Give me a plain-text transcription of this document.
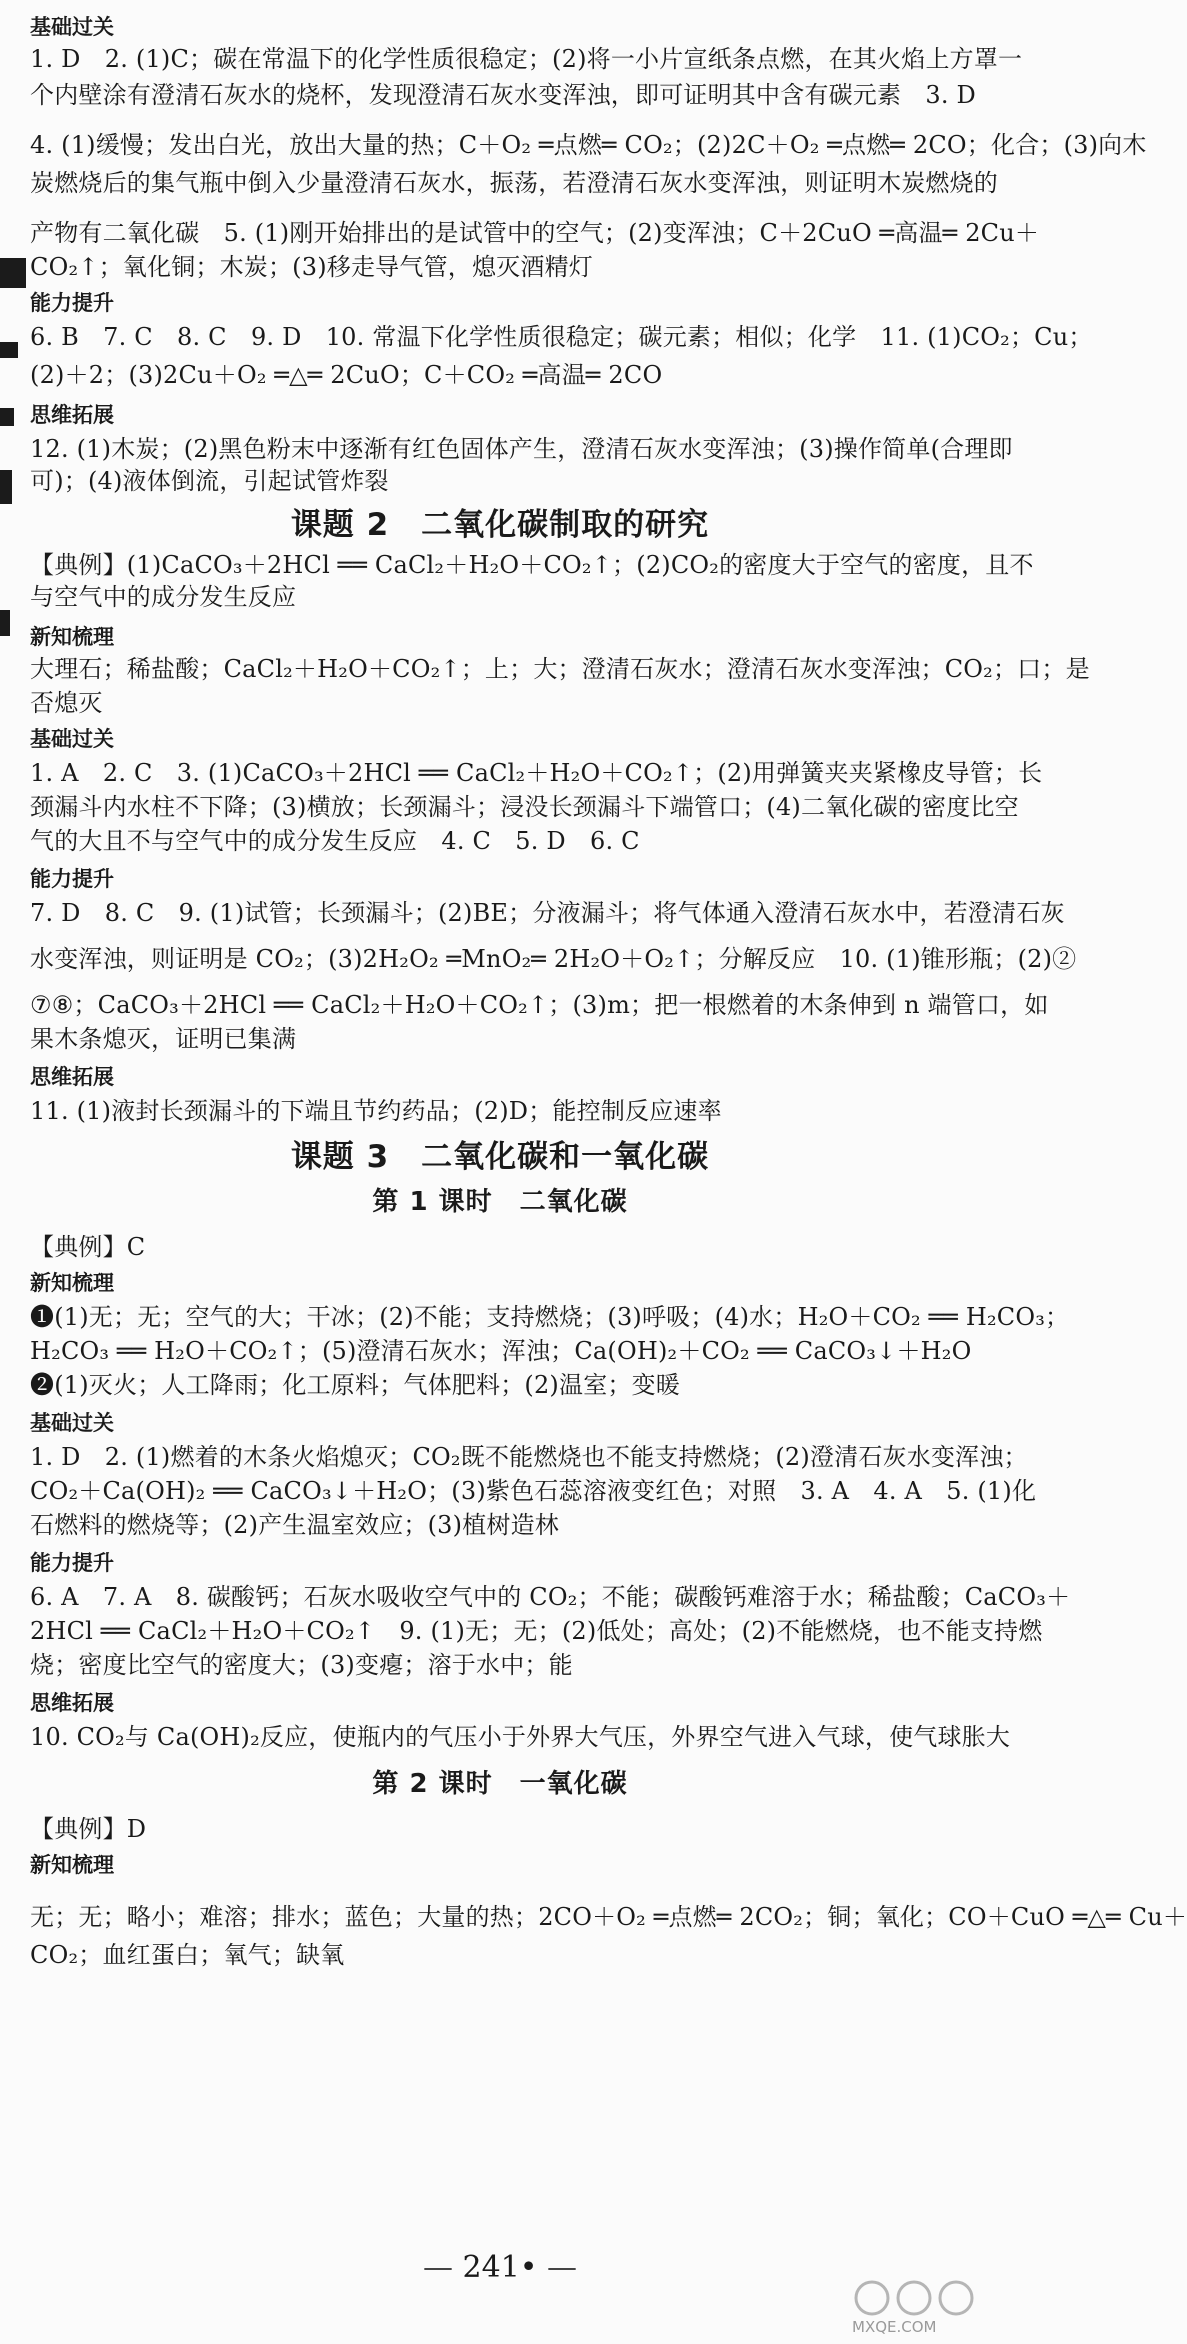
基础过关
1. D　2. (1)C；碳在常温下的化学性质很稳定；(2)将一小片宣纸条点燃，在其火焰上方罩一
个内壁涂有澄清石灰水的烧杯，发现澄清石灰水变浑浊，即可证明其中含有碳元素　3. D
4. (1)缓慢；发出白光，放出大量的热；C＋O₂ ═点燃═ CO₂；(2)2C＋O₂ ═点燃═ 2CO；化合；(3)向木
炭燃烧后的集气瓶中倒入少量澄清石灰水，振荡，若澄清石灰水变浑浊，则证明木炭燃烧的
产物有二氧化碳　5. (1)刚开始排出的是试管中的空气；(2)变浑浊；C＋2CuO ═高温═ 2Cu＋
CO₂↑；氧化铜；木炭；(3)移走导气管，熄灭酒精灯
能力提升
6. B　7. C　8. C　9. D　10. 常温下化学性质很稳定；碳元素；相似；化学　11. (1)CO₂；Cu；
(2)＋2；(3)2Cu＋O₂ ═△═ 2CuO；C＋CO₂ ═高温═ 2CO
思维拓展
12. (1)木炭；(2)黑色粉末中逐渐有红色固体产生，澄清石灰水变浑浊；(3)操作简单(合理即
可)；(4)液体倒流，引起试管炸裂
课题 2　二氧化碳制取的研究
【典例】(1)CaCO₃＋2HCl ══ CaCl₂＋H₂O＋CO₂↑；(2)CO₂的密度大于空气的密度，且不
与空气中的成分发生反应
新知梳理
大理石；稀盐酸；CaCl₂＋H₂O＋CO₂↑；上；大；澄清石灰水；澄清石灰水变浑浊；CO₂；口；是
否熄灭
基础过关
1. A　2. C　3. (1)CaCO₃＋2HCl ══ CaCl₂＋H₂O＋CO₂↑；(2)用弹簧夹夹紧橡皮导管；长
颈漏斗内水柱不下降；(3)横放；长颈漏斗；浸没长颈漏斗下端管口；(4)二氧化碳的密度比空
气的大且不与空气中的成分发生反应　4. C　5. D　6. C
能力提升
7. D　8. C　9. (1)试管；长颈漏斗；(2)BE；分液漏斗；将气体通入澄清石灰水中，若澄清石灰
水变浑浊，则证明是 CO₂；(3)2H₂O₂ ═MnO₂═ 2H₂O＋O₂↑；分解反应　10. (1)锥形瓶；(2)②
⑦⑧；CaCO₃＋2HCl ══ CaCl₂＋H₂O＋CO₂↑；(3)m；把一根燃着的木条伸到 n 端管口，如
果木条熄灭，证明已集满
思维拓展
11. (1)液封长颈漏斗的下端且节约药品；(2)D；能控制反应速率
课题 3　二氧化碳和一氧化碳
第 1 课时　二氧化碳
【典例】C
新知梳理
❶(1)无；无；空气的大；干冰；(2)不能；支持燃烧；(3)呼吸；(4)水；H₂O＋CO₂ ══ H₂CO₃；
H₂CO₃ ══ H₂O＋CO₂↑；(5)澄清石灰水；浑浊；Ca(OH)₂＋CO₂ ══ CaCO₃↓＋H₂O
❷(1)灭火；人工降雨；化工原料；气体肥料；(2)温室；变暖
基础过关
1. D　2. (1)燃着的木条火焰熄灭；CO₂既不能燃烧也不能支持燃烧；(2)澄清石灰水变浑浊；
CO₂＋Ca(OH)₂ ══ CaCO₃↓＋H₂O；(3)紫色石蕊溶液变红色；对照　3. A　4. A　5. (1)化
石燃料的燃烧等；(2)产生温室效应；(3)植树造林
能力提升
6. A　7. A　8. 碳酸钙；石灰水吸收空气中的 CO₂；不能；碳酸钙难溶于水；稀盐酸；CaCO₃＋
2HCl ══ CaCl₂＋H₂O＋CO₂↑　9. (1)无；无；(2)低处；高处；(2)不能燃烧，也不能支持燃
烧；密度比空气的密度大；(3)变瘪；溶于水中；能
思维拓展
10. CO₂与 Ca(OH)₂反应，使瓶内的气压小于外界大气压，外界空气进入气球，使气球胀大
第 2 课时　一氧化碳
【典例】D
新知梳理
无；无；略小；难溶；排水；蓝色；大量的热；2CO＋O₂ ═点燃═ 2CO₂；铜；氧化；CO＋CuO ═△═ Cu＋
CO₂；血红蛋白；氧气；缺氧
— 241• —
MXQE.COM
